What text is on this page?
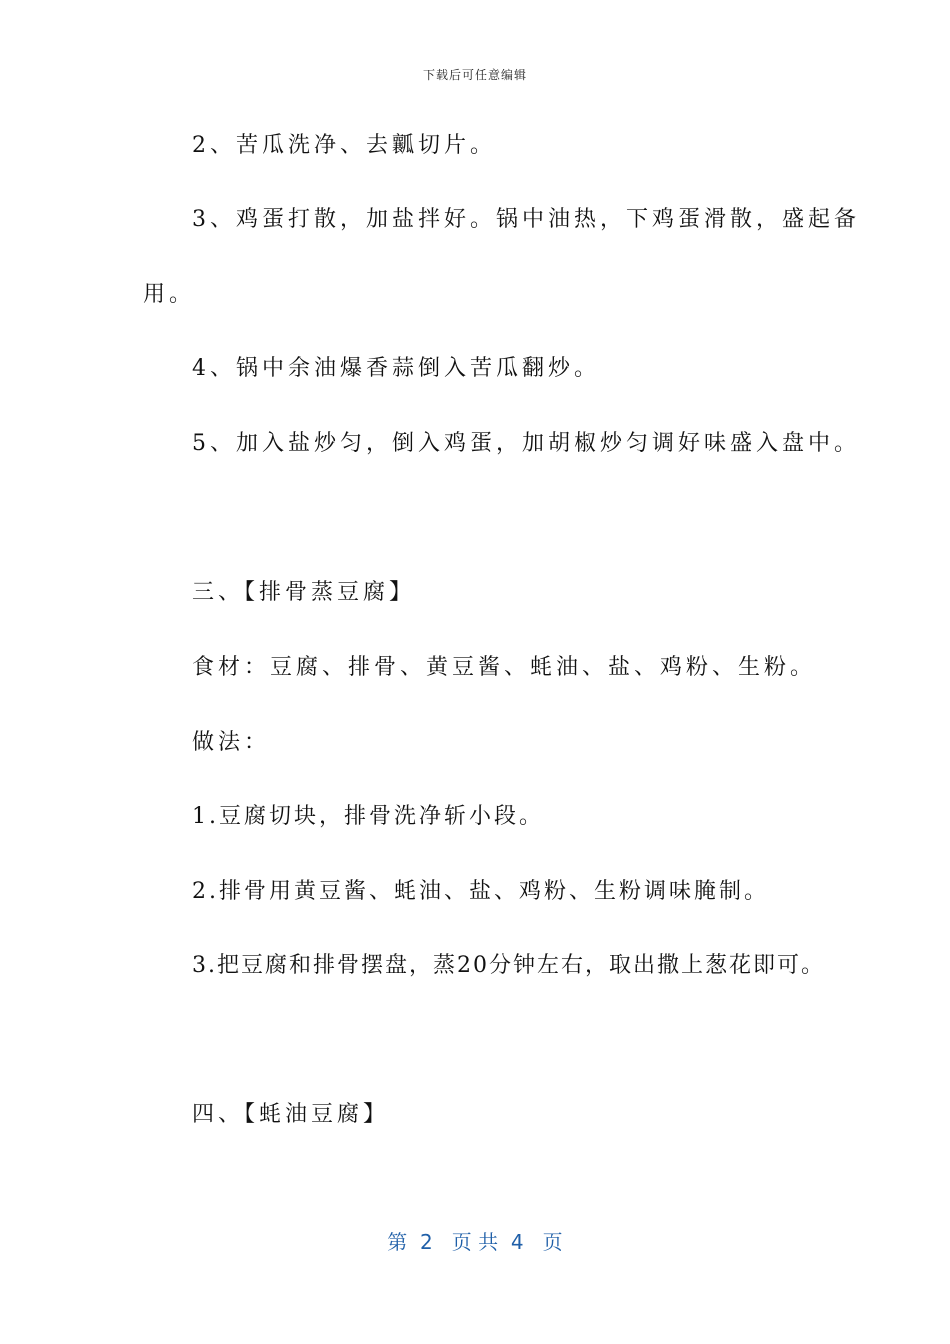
下载后可任意编辑
2、苦瓜洗净、去瓤切片。
3、鸡蛋打散，加盐拌好。锅中油热，下鸡蛋滑散，盛起备
用。
4、锅中余油爆香蒜倒入苦瓜翻炒。
5、加入盐炒匀，倒入鸡蛋，加胡椒炒匀调好味盛入盘中。
三、【排骨蒸豆腐】
食材：豆腐、排骨、黄豆酱、蚝油、盐、鸡粉、生粉。
做法：
1.豆腐切块，排骨洗净斩小段。
2.排骨用黄豆酱、蚝油、盐、鸡粉、生粉调味腌制。
3.把豆腐和排骨摆盘，蒸20分钟左右，取出撒上葱花即可。
四、【蚝油豆腐】
第  2   页 共  4   页
